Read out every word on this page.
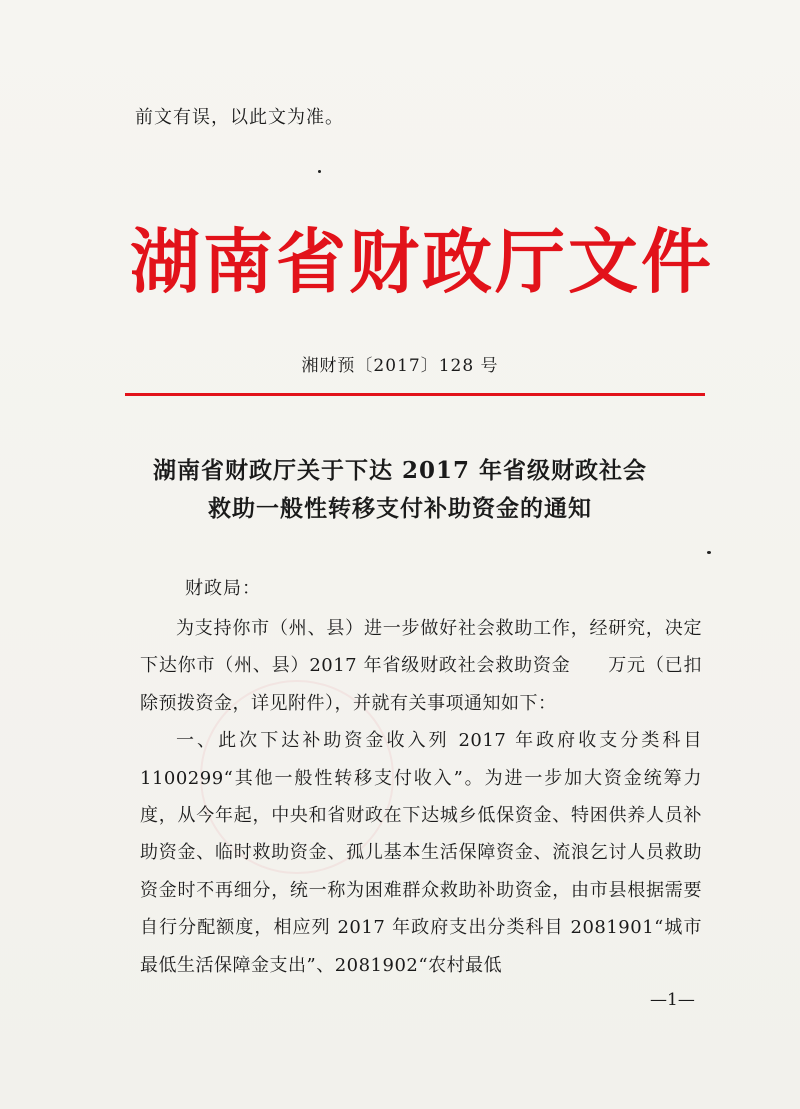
前文有误，以此文为准。
湖南省财政厅文件
湘财预〔2017〕128 号
湖南省财政厅关于下达 2017 年省级财政社会
救助一般性转移支付补助资金的通知
财政局：

为支持你市（州、县）进一步做好社会救助工作，经研究，决定下达你市（州、县）2017 年省级财政社会救助资金　　万元（已扣除预拨资金，详见附件），并就有关事项通知如下：

一、此次下达补助资金收入列 2017 年政府收支分类科目 1100299“其他一般性转移支付收入”。为进一步加大资金统筹力度，从今年起，中央和省财政在下达城乡低保资金、特困供养人员补助资金、临时救助资金、孤儿基本生活保障资金、流浪乞讨人员救助资金时不再细分，统一称为困难群众救助补助资金，由市县根据需要自行分配额度，相应列 2017 年政府支出分类科目 2081901“城市最低生活保障金支出”、2081902“农村最低

—1—
